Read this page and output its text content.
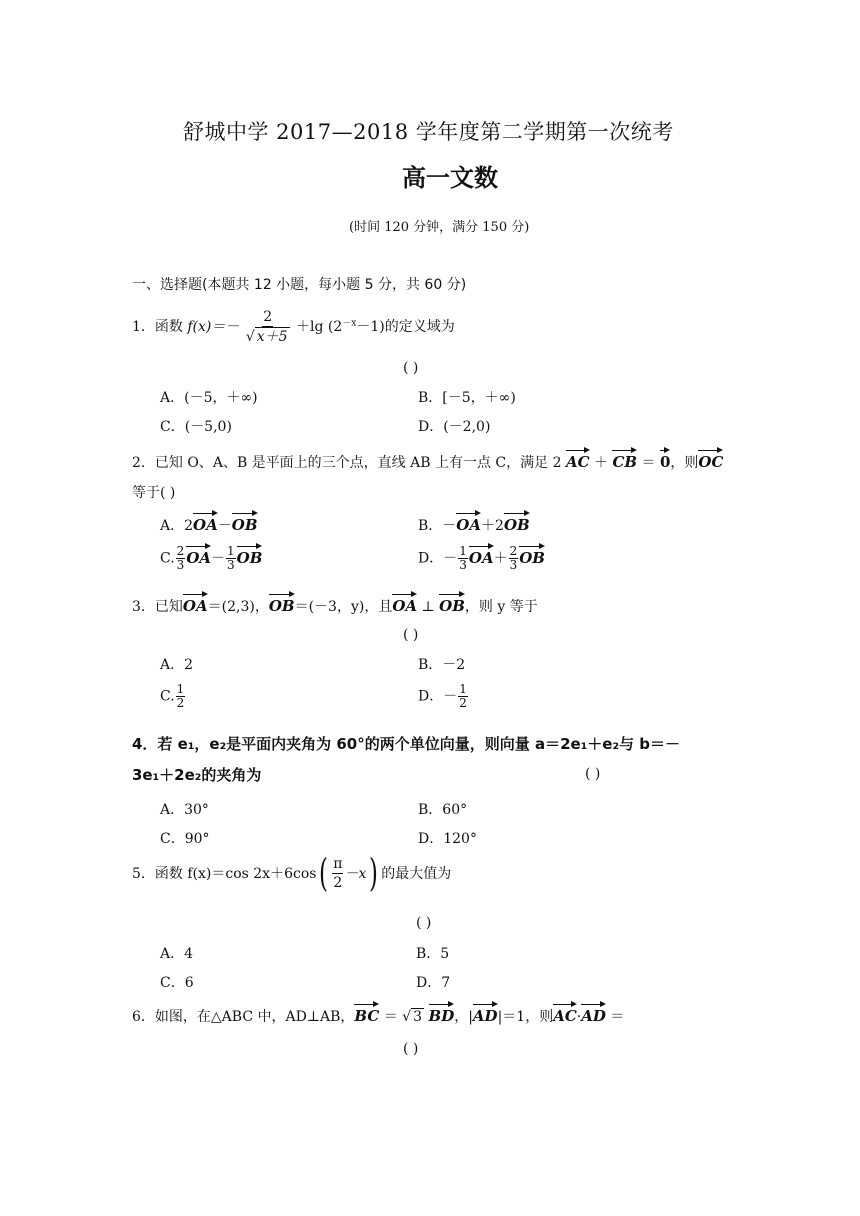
舒城中学 2017—2018 学年度第二学期第一次统考
高一文数
(时间 120 分钟，满分 150 分)
一、选择题(本题共 12 小题，每小题 5 分，共 60 分)
1．函数 $f(x)=- \frac{2}{√ x+5} +\lg$ $(2^{-x}-1)$的定义域为
( )
A．(－5，＋∞)	B．[－5，＋∞)
C．(－5,0)	D．(－2,0)
2．已知 O、A、B 是平面上的三个点，直线 AB 上有一点 C，满足 2 AC ＋ CB ＝ 0，则OC
等于( )
A．2OA－OB	B．－OA＋2OB
C. $\frac{2}{3} OA- \frac{1}{3}$ OB	D．－ $\frac{1}{3} OA+ \frac{2}{3}$ OB
3．已知OA＝(2,3)，OB＝(－3，y)，且OA ⊥ OB，则 y 等于
( )
A．2	B．－2
C. $\frac{1}{2}$	D．－ $\frac{1}{2}$
4．若 e₁，e₂是平面内夹角为 60°的两个单位向量，则向量 a＝2e₁＋e₂与 b＝－
3e₁＋2e₂的夹角为	( )
A．30°	B．60°
C．90°	D．120°
5．函数 f(x)＝cos 2x＋6cos ( $\frac{\pi}{2} -x$ ) 的最大值为
( )
A．4	B．5
C．6	D．7
6．如图，在△ABC 中，AD⊥AB，BC ＝ √ 3 BD，|AD|＝1，则AC·AD ＝
( )
